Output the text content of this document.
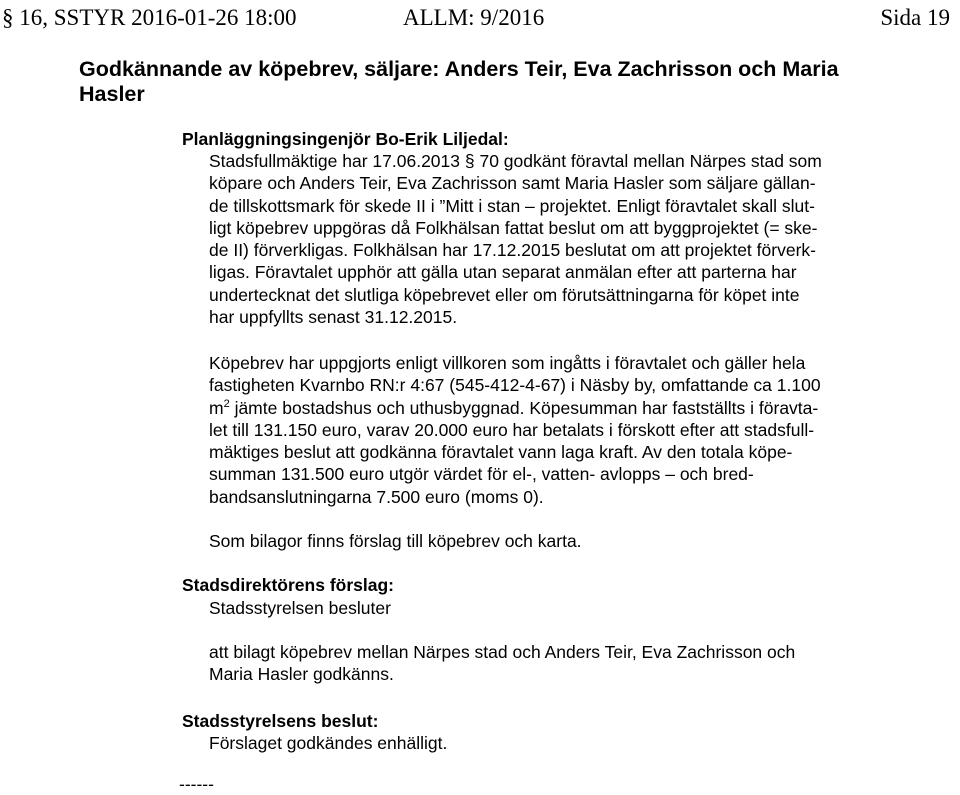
§ 16, SSTYR 2016-01-26 18:00	ALLM: 9/2016	Sida 19
Godkännande av köpebrev, säljare: Anders Teir, Eva Zachrisson och Maria Hasler
Planläggningsingenjör Bo-Erik Liljedal:
Stadsfullmäktige har 17.06.2013 § 70 godkänt föravtal mellan Närpes stad som
köpare och Anders Teir, Eva Zachrisson samt Maria Hasler som säljare gällan-
de tillskottsmark för skede II i ”Mitt i stan – projektet. Enligt föravtalet skall slut-
ligt köpebrev uppgöras då Folkhälsan fattat beslut om att byggprojektet (= ske-
de II) förverkligas. Folkhälsan har 17.12.2015 beslutat om att projektet förverk-
ligas. Föravtalet upphör att gälla utan separat anmälan efter att parterna har
undertecknat det slutliga köpebrevet eller om förutsättningarna för köpet inte
har uppfyllts senast 31.12.2015.
Köpebrev har uppgjorts enligt villkoren som ingåtts i föravtalet och gäller hela
fastigheten Kvarnbo RN:r 4:67 (545-412-4-67) i Näsby by, omfattande ca 1.100
$m^2$ jämte bostadshus och uthusbyggnad. Köpesumman har fastställts i föravta-
let till 131.150 euro, varav 20.000 euro har betalats i förskott efter att stadsfull-
mäktiges beslut att godkänna föravtalet vann laga kraft. Av den totala köpe-
summan 131.500 euro utgör värdet för el-, vatten- avlopps – och bred-
bandsanslutningarna 7.500 euro (moms 0).
Som bilagor finns förslag till köpebrev och karta.
Stadsdirektörens förslag:
Stadsstyrelsen besluter
att bilagt köpebrev mellan Närpes stad och Anders Teir, Eva Zachrisson och
Maria Hasler godkänns.
Stadsstyrelsens beslut:
Förslaget godkändes enhälligt.
------
